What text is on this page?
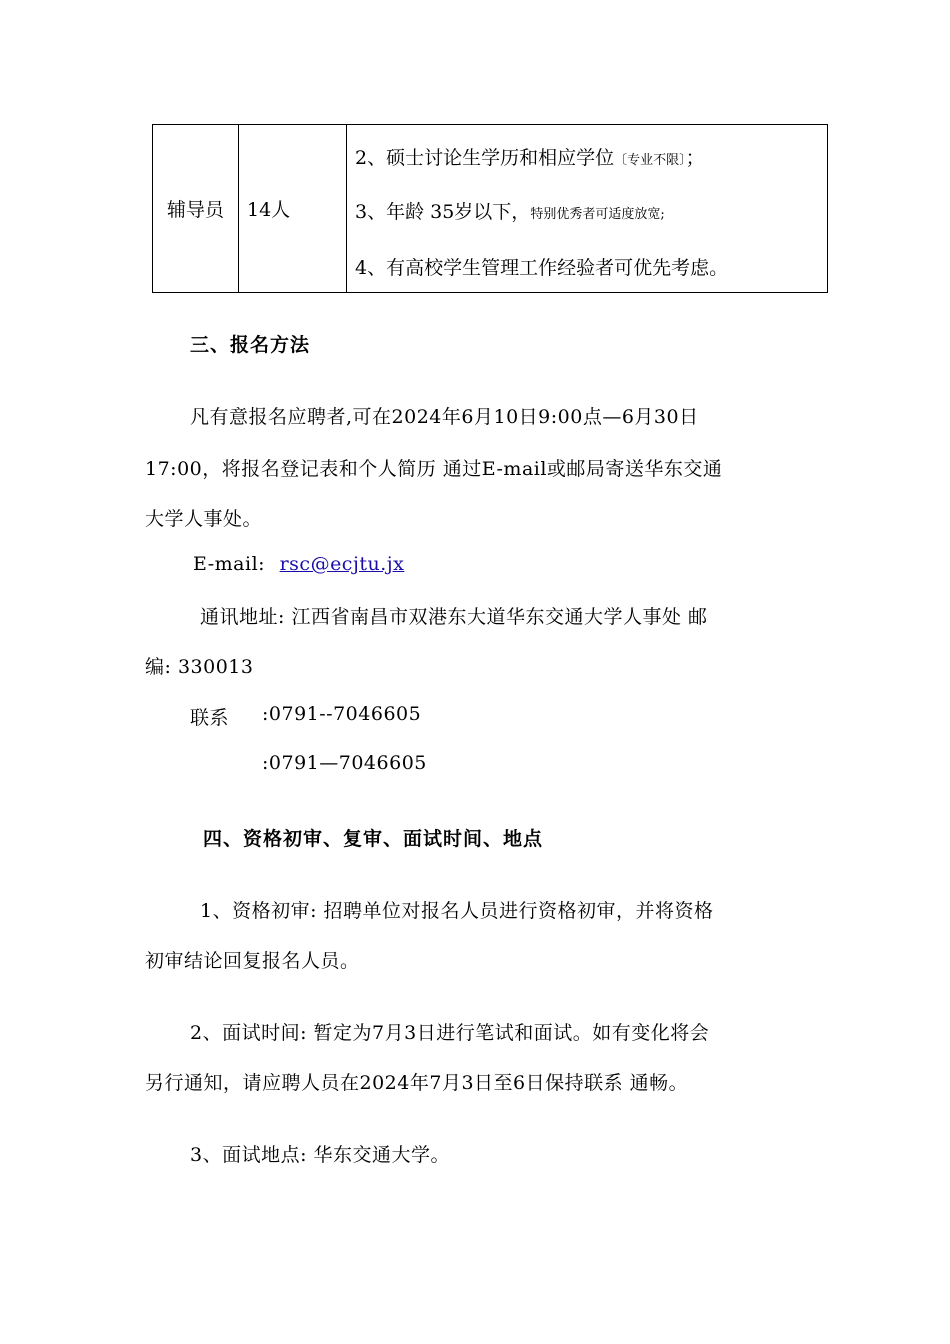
辅导员	14人	
2、硕士讨论生学历和相应学位〔专业不限〕；
3、年龄 35岁以下，特别优秀者可适度放宽;
4、有高校学生管理工作经验者可优先考虑。
三、报名方法
凡有意报名应聘者,可在2024年6月10日9:00点—6月30日
17:00，将报名登记表和个人简历 通过E-mail或邮局寄送华东交通
大学人事处。
E-mail: rsc@ecjtu.jx
通讯地址: 江西省南昌市双港东大道华东交通大学人事处 邮
编: 330013
联系 :0791--7046605
:0791—7046605
四、资格初审、复审、面试时间、地点
1、资格初审: 招聘单位对报名人员进行资格初审，并将资格
初审结论回复报名人员。
2、面试时间: 暂定为7月3日进行笔试和面试。如有变化将会
另行通知，请应聘人员在2024年7月3日至6日保持联系 通畅。
3、面试地点: 华东交通大学。
